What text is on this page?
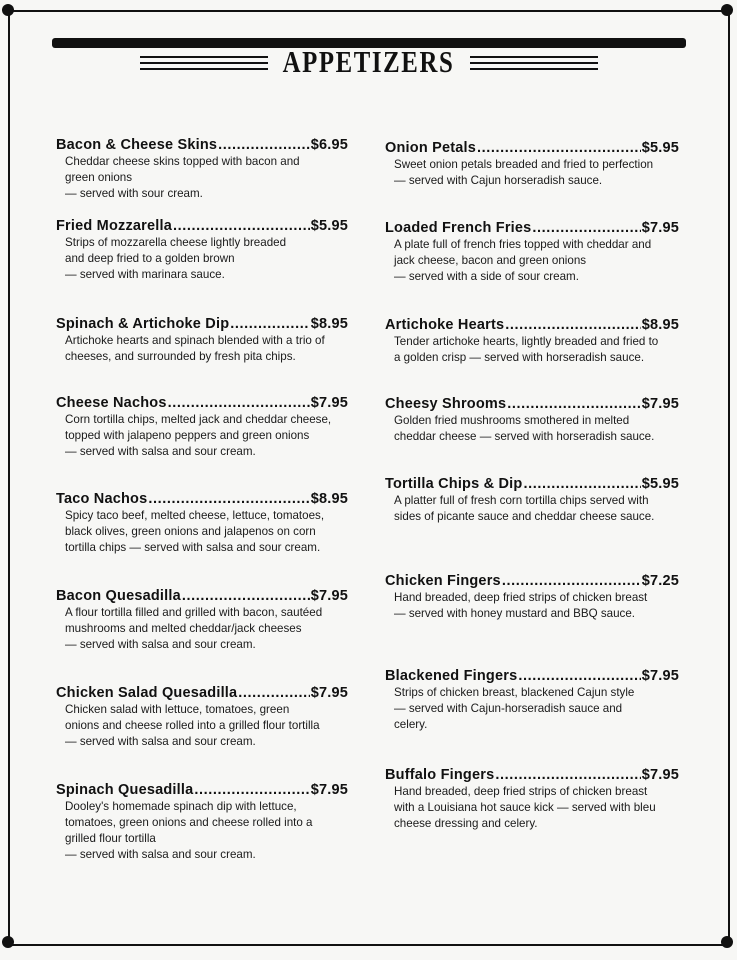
APPETIZERS
Bacon & Cheese Skins .....	$6.95
Cheddar cheese skins topped with bacon and
green onions
— served with sour cream.
Fried Mozzarella .....	$5.95
Strips of mozzarella cheese lightly breaded
and deep fried to a golden brown
— served with marinara sauce.
Spinach & Artichoke Dip .....	$8.95
Artichoke hearts and spinach blended with a trio of
cheeses, and surrounded by fresh pita chips.
Cheese Nachos .....	$7.95
Corn tortilla chips, melted jack and cheddar cheese,
topped with jalapeno peppers and green onions
— served with salsa and sour cream.
Taco Nachos .....	$8.95
Spicy taco beef, melted cheese, lettuce, tomatoes,
black olives, green onions and jalapenos on corn
tortilla chips — served with salsa and sour cream.
Bacon Quesadilla .....	$7.95
A flour tortilla filled and grilled with bacon, sautéed
mushrooms and melted cheddar/jack cheeses
— served with salsa and sour cream.
Chicken Salad Quesadilla .....	$7.95
Chicken salad with lettuce, tomatoes, green
onions and cheese rolled into a grilled flour tortilla
— served with salsa and sour cream.
Spinach Quesadilla .....	$7.95
Dooley's homemade spinach dip with lettuce,
tomatoes, green onions and cheese rolled into a
grilled flour tortilla
— served with salsa and sour cream.
Onion Petals .....	$5.95
Sweet onion petals breaded and fried to perfection
— served with Cajun horseradish sauce.
Loaded French Fries .....	$7.95
A plate full of french fries topped with cheddar and
jack cheese, bacon and green onions
— served with a side of sour cream.
Artichoke Hearts .....	$8.95
Tender artichoke hearts, lightly breaded and fried to
a golden crisp — served with horseradish sauce.
Cheesy Shrooms .....	$7.95
Golden fried mushrooms smothered in melted
cheddar cheese — served with horseradish sauce.
Tortilla Chips & Dip .....	$5.95
A platter full of fresh corn tortilla chips served with
sides of picante sauce and cheddar cheese sauce.
Chicken Fingers .....	$7.25
Hand breaded, deep fried strips of chicken breast
— served with honey mustard and BBQ sauce.
Blackened Fingers .....	$7.95
Strips of chicken breast, blackened Cajun style
— served with Cajun-horseradish sauce and
celery.
Buffalo Fingers .....	$7.95
Hand breaded, deep fried strips of chicken breast
with a Louisiana hot sauce kick — served with bleu
cheese dressing and celery.
